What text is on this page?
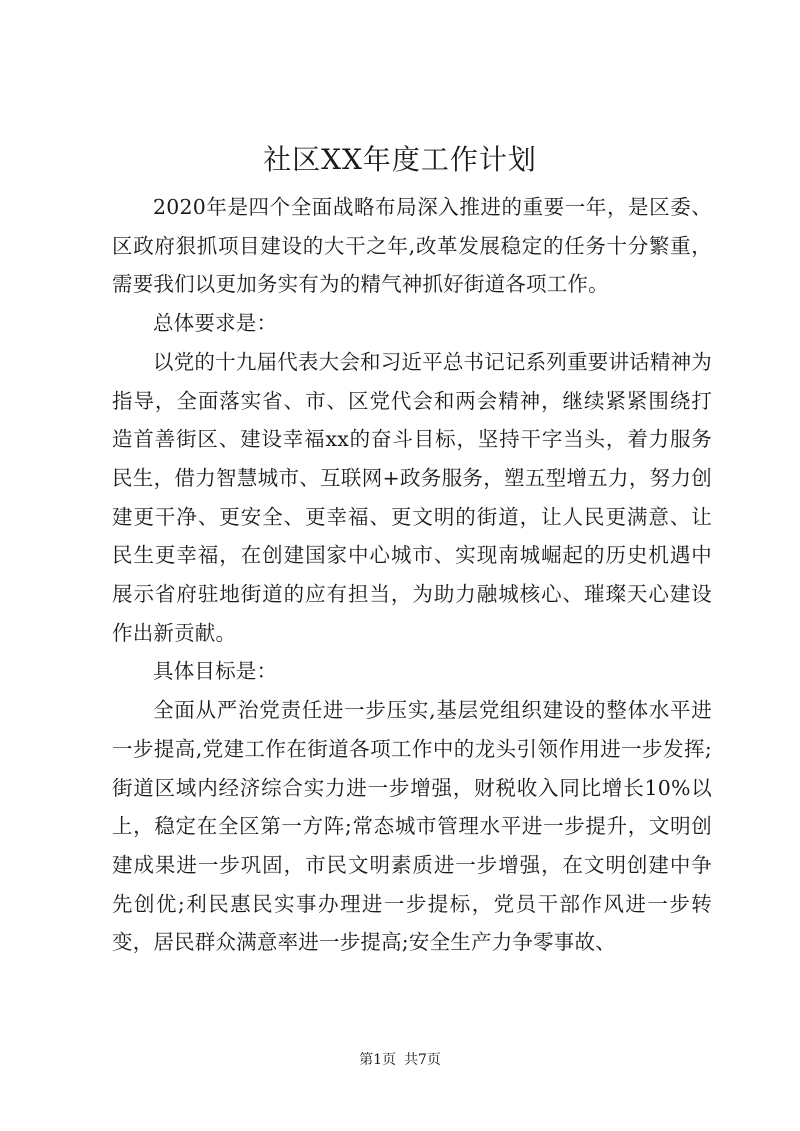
社区XX年度工作计划

2020年是四个全面战略布局深入推进的重要一年，是区委、区政府狠抓项目建设的大干之年,改革发展稳定的任务十分繁重，需要我们以更加务实有为的精气神抓好街道各项工作。

总体要求是：

以党的十九届代表大会和习近平总书记记系列重要讲话精神为指导，全面落实省、市、区党代会和两会精神，继续紧紧围绕打造首善街区、建设幸福xx的奋斗目标，坚持干字当头，着力服务民生，借力智慧城市、互联网+政务服务，塑五型增五力，努力创建更干净、更安全、更幸福、更文明的街道，让人民更满意、让民生更幸福，在创建国家中心城市、实现南城崛起的历史机遇中展示省府驻地街道的应有担当，为助力融城核心、璀璨天心建设作出新贡献。

具体目标是：

全面从严治党责任进一步压实,基层党组织建设的整体水平进一步提高,党建工作在街道各项工作中的龙头引领作用进一步发挥;街道区域内经济综合实力进一步增强，财税收入同比增长10%以上，稳定在全区第一方阵;常态城市管理水平进一步提升，文明创建成果进一步巩固，市民文明素质进一步增强，在文明创建中争先创优;利民惠民实事办理进一步提标，党员干部作风进一步转变，居民群众满意率进一步提高;安全生产力争零事故、

第1页 共7页
